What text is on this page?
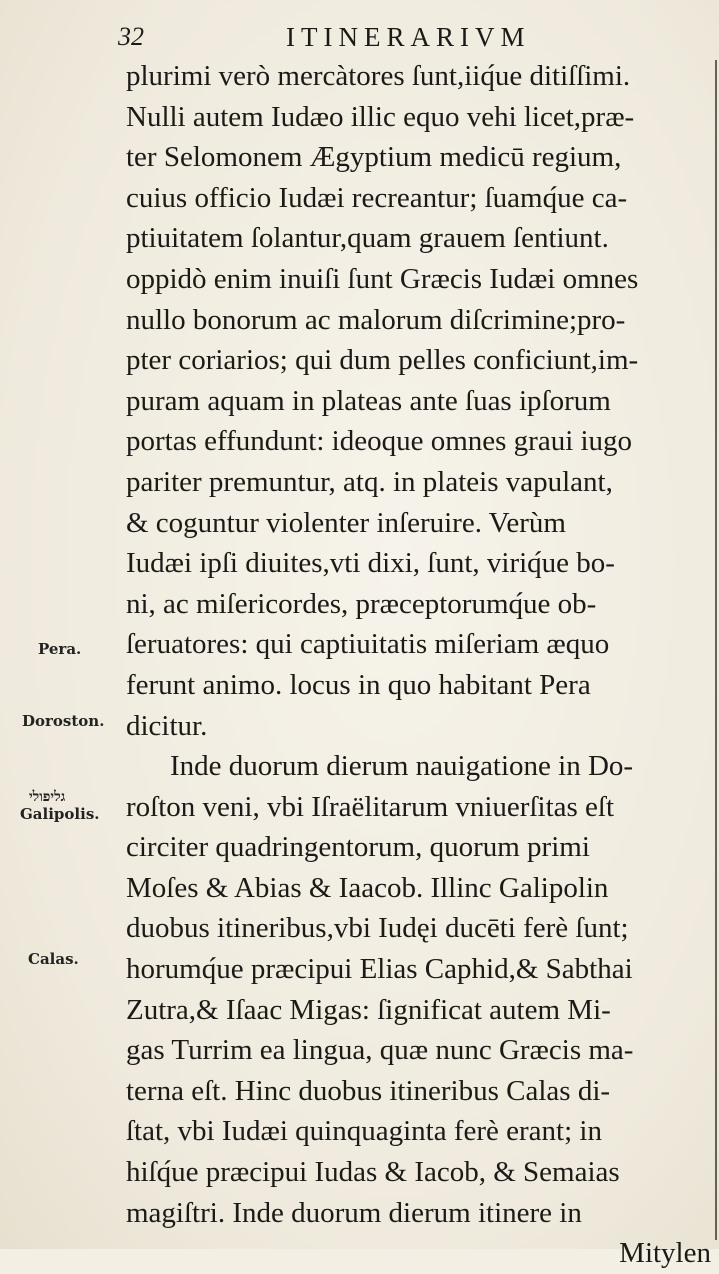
32	ITINERARIVM
Pera.
Doroston.
גליפולי
Galipolis.
Calas.
plurimi verò mercàtores ſunt,iiq́ue ditiſſimi.
Nulli autem Iudæo illic equo vehi licet,præ-
ter Selomonem Ægyptium medicū regium,
cuius officio Iudæi recreantur; ſuamq́ue ca-
ptiuitatem ſolantur,quam grauem ſentiunt.
oppidò enim inuiſi ſunt Græcis Iudæi omnes
nullo bonorum ac malorum diſcrimine;pro-
pter coriarios; qui dum pelles conficiunt,im-
puram aquam in plateas ante ſuas ipſorum
portas effundunt: ideoque omnes graui iugo
pariter premuntur, atq. in plateis vapulant,
& coguntur violenter inſeruire. Verùm
Iudæi ipſi diuites,vti dixi, ſunt, viriq́ue bo-
ni, ac miſericordes, præceptorumq́ue ob-
ſeruatores: qui captiuitatis miſeriam æquo
ferunt animo. locus in quo habitant Pera
dicitur.
Inde duorum dierum nauigatione in Do-
roſton veni, vbi Iſraëlitarum vniuerſitas eſt
circiter quadringentorum, quorum primi
Moſes & Abias & Iaacob. Illinc Galipolin
duobus itineribus,vbi Iudęi ducēti ferè ſunt;
horumq́ue præcipui Elias Caphid,& Sabthai
Zutra,& Iſaac Migas: ſignificat autem Mi-
gas Turrim ea lingua, quæ nunc Græcis ma-
terna eſt. Hinc duobus itineribus Calas di-
ſtat, vbi Iudæi quinquaginta ferè erant; in
hiſq́ue præcipui Iudas & Iacob, & Semaias
magiſtri. Inde duorum dierum itinere in
Mitylen
